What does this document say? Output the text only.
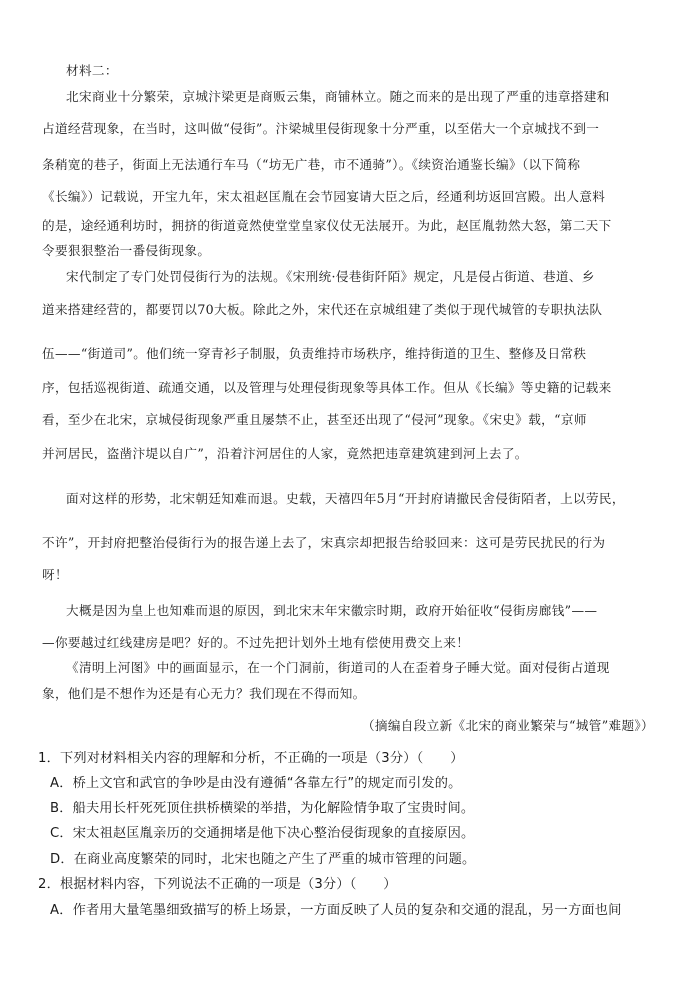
材料二：
北宋商业十分繁荣，京城汴梁更是商贩云集，商铺林立。随之而来的是出现了严重的违章搭建和
占道经营现象，在当时，这叫做“侵街”。汴梁城里侵街现象十分严重，以至偌大一个京城找不到一
条稍宽的巷子，街面上无法通行车马（“坊无广巷，市不通骑”）。《续资治通鉴长编》（以下简称
《长编》）记载说，开宝九年，宋太祖赵匡胤在会节园宴请大臣之后，经通利坊返回宫殿。出人意料
的是，途经通利坊时，拥挤的街道竟然使堂堂皇家仪仗无法展开。为此，赵匡胤勃然大怒，第二天下
令要狠狠整治一番侵街现象。
宋代制定了专门处罚侵街行为的法规。《宋刑统·侵巷街阡陌》规定，凡是侵占街道、巷道、乡
道来搭建经营的，都要罚以70大板。除此之外，宋代还在京城组建了类似于现代城管的专职执法队
伍——“街道司”。他们统一穿青衫子制服，负责维持市场秩序，维持街道的卫生、整修及日常秩
序，包括巡视街道、疏通交通，以及管理与处理侵街现象等具体工作。但从《长编》等史籍的记载来
看，至少在北宋，京城侵街现象严重且屡禁不止，甚至还出现了“侵河”现象。《宋史》载，“京师
并河居民，盗凿汴堤以自广”，沿着汴河居住的人家，竟然把违章建筑建到河上去了。
面对这样的形势，北宋朝廷知难而退。史载，天禧四年5月“开封府请撤民舍侵街陌者，上以劳民，
不许”，开封府把整治侵街行为的报告递上去了，宋真宗却把报告给驳回来：这可是劳民扰民的行为
呀！
大概是因为皇上也知难而退的原因，到北宋末年宋徽宗时期，政府开始征收“侵街房廊钱”——
—你要越过红线建房是吧？好的。不过先把计划外土地有偿使用费交上来！
《清明上河图》中的画面显示，在一个门洞前，街道司的人在歪着身子睡大觉。面对侵街占道现
象，他们是不想作为还是有心无力？我们现在不得而知。
（摘编自段立新《北宋的商业繁荣与“城管”难题》）
1．下列对材料相关内容的理解和分析，不正确的一项是（3分）（　　）
A．桥上文官和武官的争吵是由没有遵循“各靠左行”的规定而引发的。
B．船夫用长杆死死顶住拱桥横梁的举措，为化解险情争取了宝贵时间。
C．宋太祖赵匡胤亲历的交通拥堵是他下决心整治侵街现象的直接原因。
D．在商业高度繁荣的同时，北宋也随之产生了严重的城市管理的问题。
2．根据材料内容，下列说法不正确的一项是（3分）（　　）
A．作者用大量笔墨细致描写的桥上场景，一方面反映了人员的复杂和交通的混乱，另一方面也间
